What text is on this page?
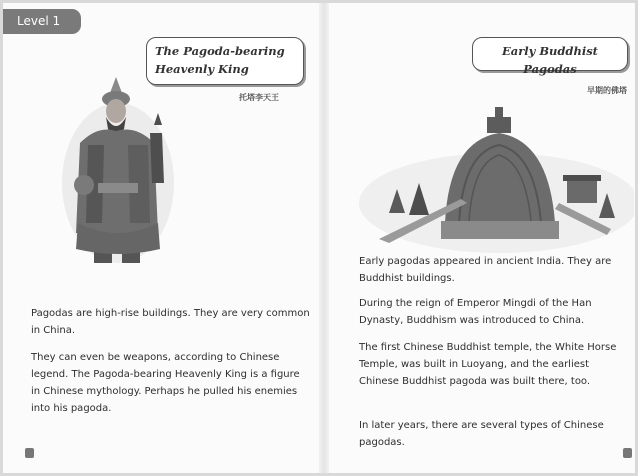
Level 1
The Pagoda-bearing
Heavenly King
托塔李天王

Pagodas are high-rise buildings. They are very common in China.

They can even be weapons, according to Chinese legend. The Pagoda-bearing Heavenly King is a figure in Chinese mythology. Perhaps he pulled his enemies into his pagoda.

Early Buddhist Pagodas
早期的佛塔

Early pagodas appeared in ancient India. They are Buddhist buildings.

During the reign of Emperor Mingdi of the Han Dynasty, Buddhism was introduced to China.

The first Chinese Buddhist temple, the White Horse Temple, was built in Luoyang, and the earliest Chinese Buddhist pagoda was built there, too.

In later years, there are several types of Chinese pagodas.
